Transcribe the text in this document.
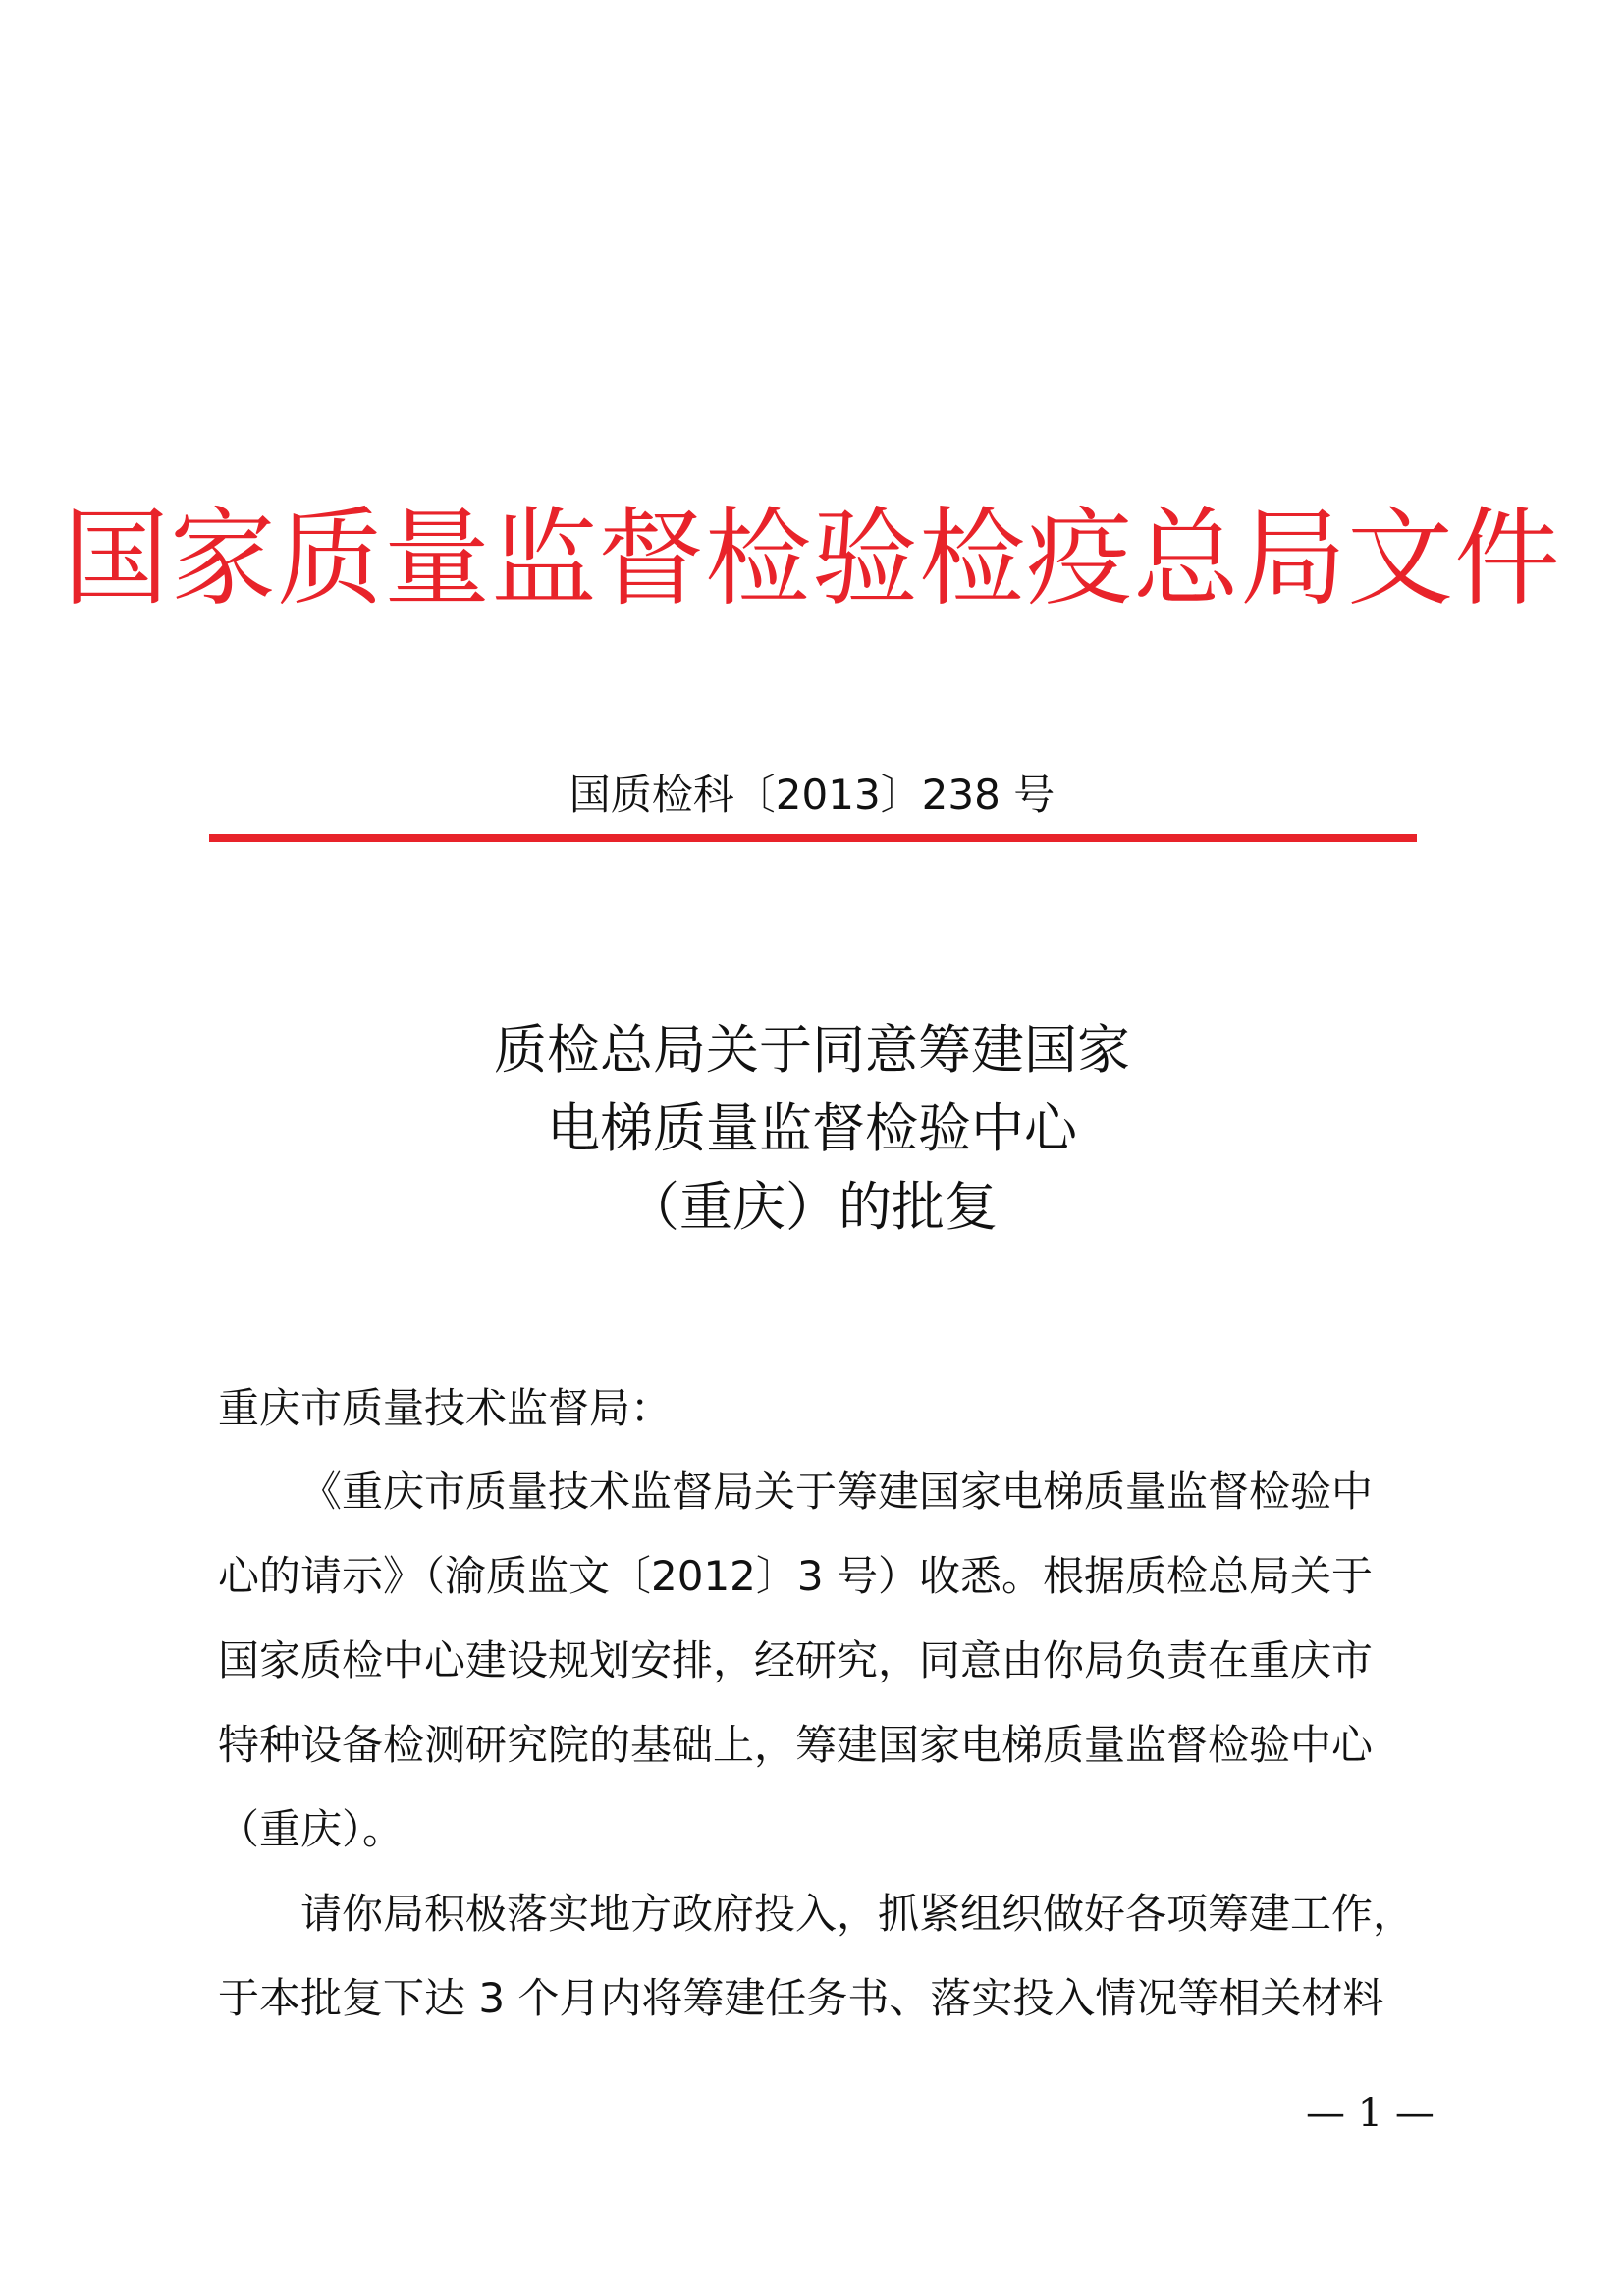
国家质量监督检验检疫总局文件

国质检科〔2013〕238 号

质检总局关于同意筹建国家
电梯质量监督检验中心
（重庆）的批复

重庆市质量技术监督局：

《重庆市质量技术监督局关于筹建国家电梯质量监督检验中

心的请示》（渝质监文〔2012〕3 号）收悉。根据质检总局关于

国家质检中心建设规划安排，经研究，同意由你局负责在重庆市

特种设备检测研究院的基础上，筹建国家电梯质量监督检验中心

（重庆）。

请你局积极落实地方政府投入，抓紧组织做好各项筹建工作，

于本批复下达 3 个月内将筹建任务书、落实投入情况等相关材料

— 1 —
